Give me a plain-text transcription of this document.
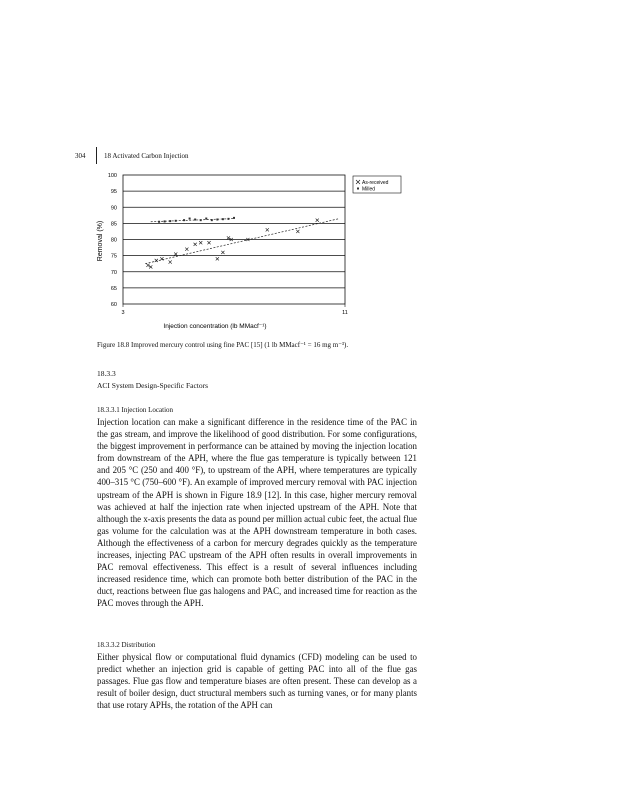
304	18 Activated Carbon Injection
60
65
70
75
80
85
90
95
100
3	11
As-received
Milled
Removal (%)
Injection concentration (lb MMacf⁻¹)
Figure 18.8 Improved mercury control using fine PAC [15] (1 lb MMacf⁻¹ = 16 mg m⁻³).
18.3.3
ACI System Design-Specific Factors
18.3.3.1 Injection Location

Injection location can make a significant difference in the residence time of the PAC in the gas stream, and improve the likelihood of good distribution. For some configurations, the biggest improvement in performance can be attained by moving the injection location from downstream of the APH, where the flue gas temperature is typically between 121 and 205 °C (250 and 400 °F), to upstream of the APH, where temperatures are typically 400–315 °C (750–600 °F). An example of improved mercury removal with PAC injection upstream of the APH is shown in Figure 18.9 [12]. In this case, higher mercury removal was achieved at half the injection rate when injected upstream of the APH. Note that although the x-axis presents the data as pound per million actual cubic feet, the actual flue gas volume for the calculation was at the APH downstream temperature in both cases. Although the effectiveness of a carbon for mercury degrades quickly as the temperature increases, injecting PAC upstream of the APH often results in overall improvements in PAC removal effectiveness. This effect is a result of several influences including increased residence time, which can promote both better distribution of the PAC in the duct, reactions between flue gas halogens and PAC, and increased time for reaction as the PAC moves through the APH.

18.3.3.2 Distribution

Either physical flow or computational fluid dynamics (CFD) modeling can be used to predict whether an injection grid is capable of getting PAC into all of the flue gas passages. Flue gas flow and temperature biases are often present. These can develop as a result of boiler design, duct structural members such as turning vanes, or for many plants that use rotary APHs, the rotation of the APH can
